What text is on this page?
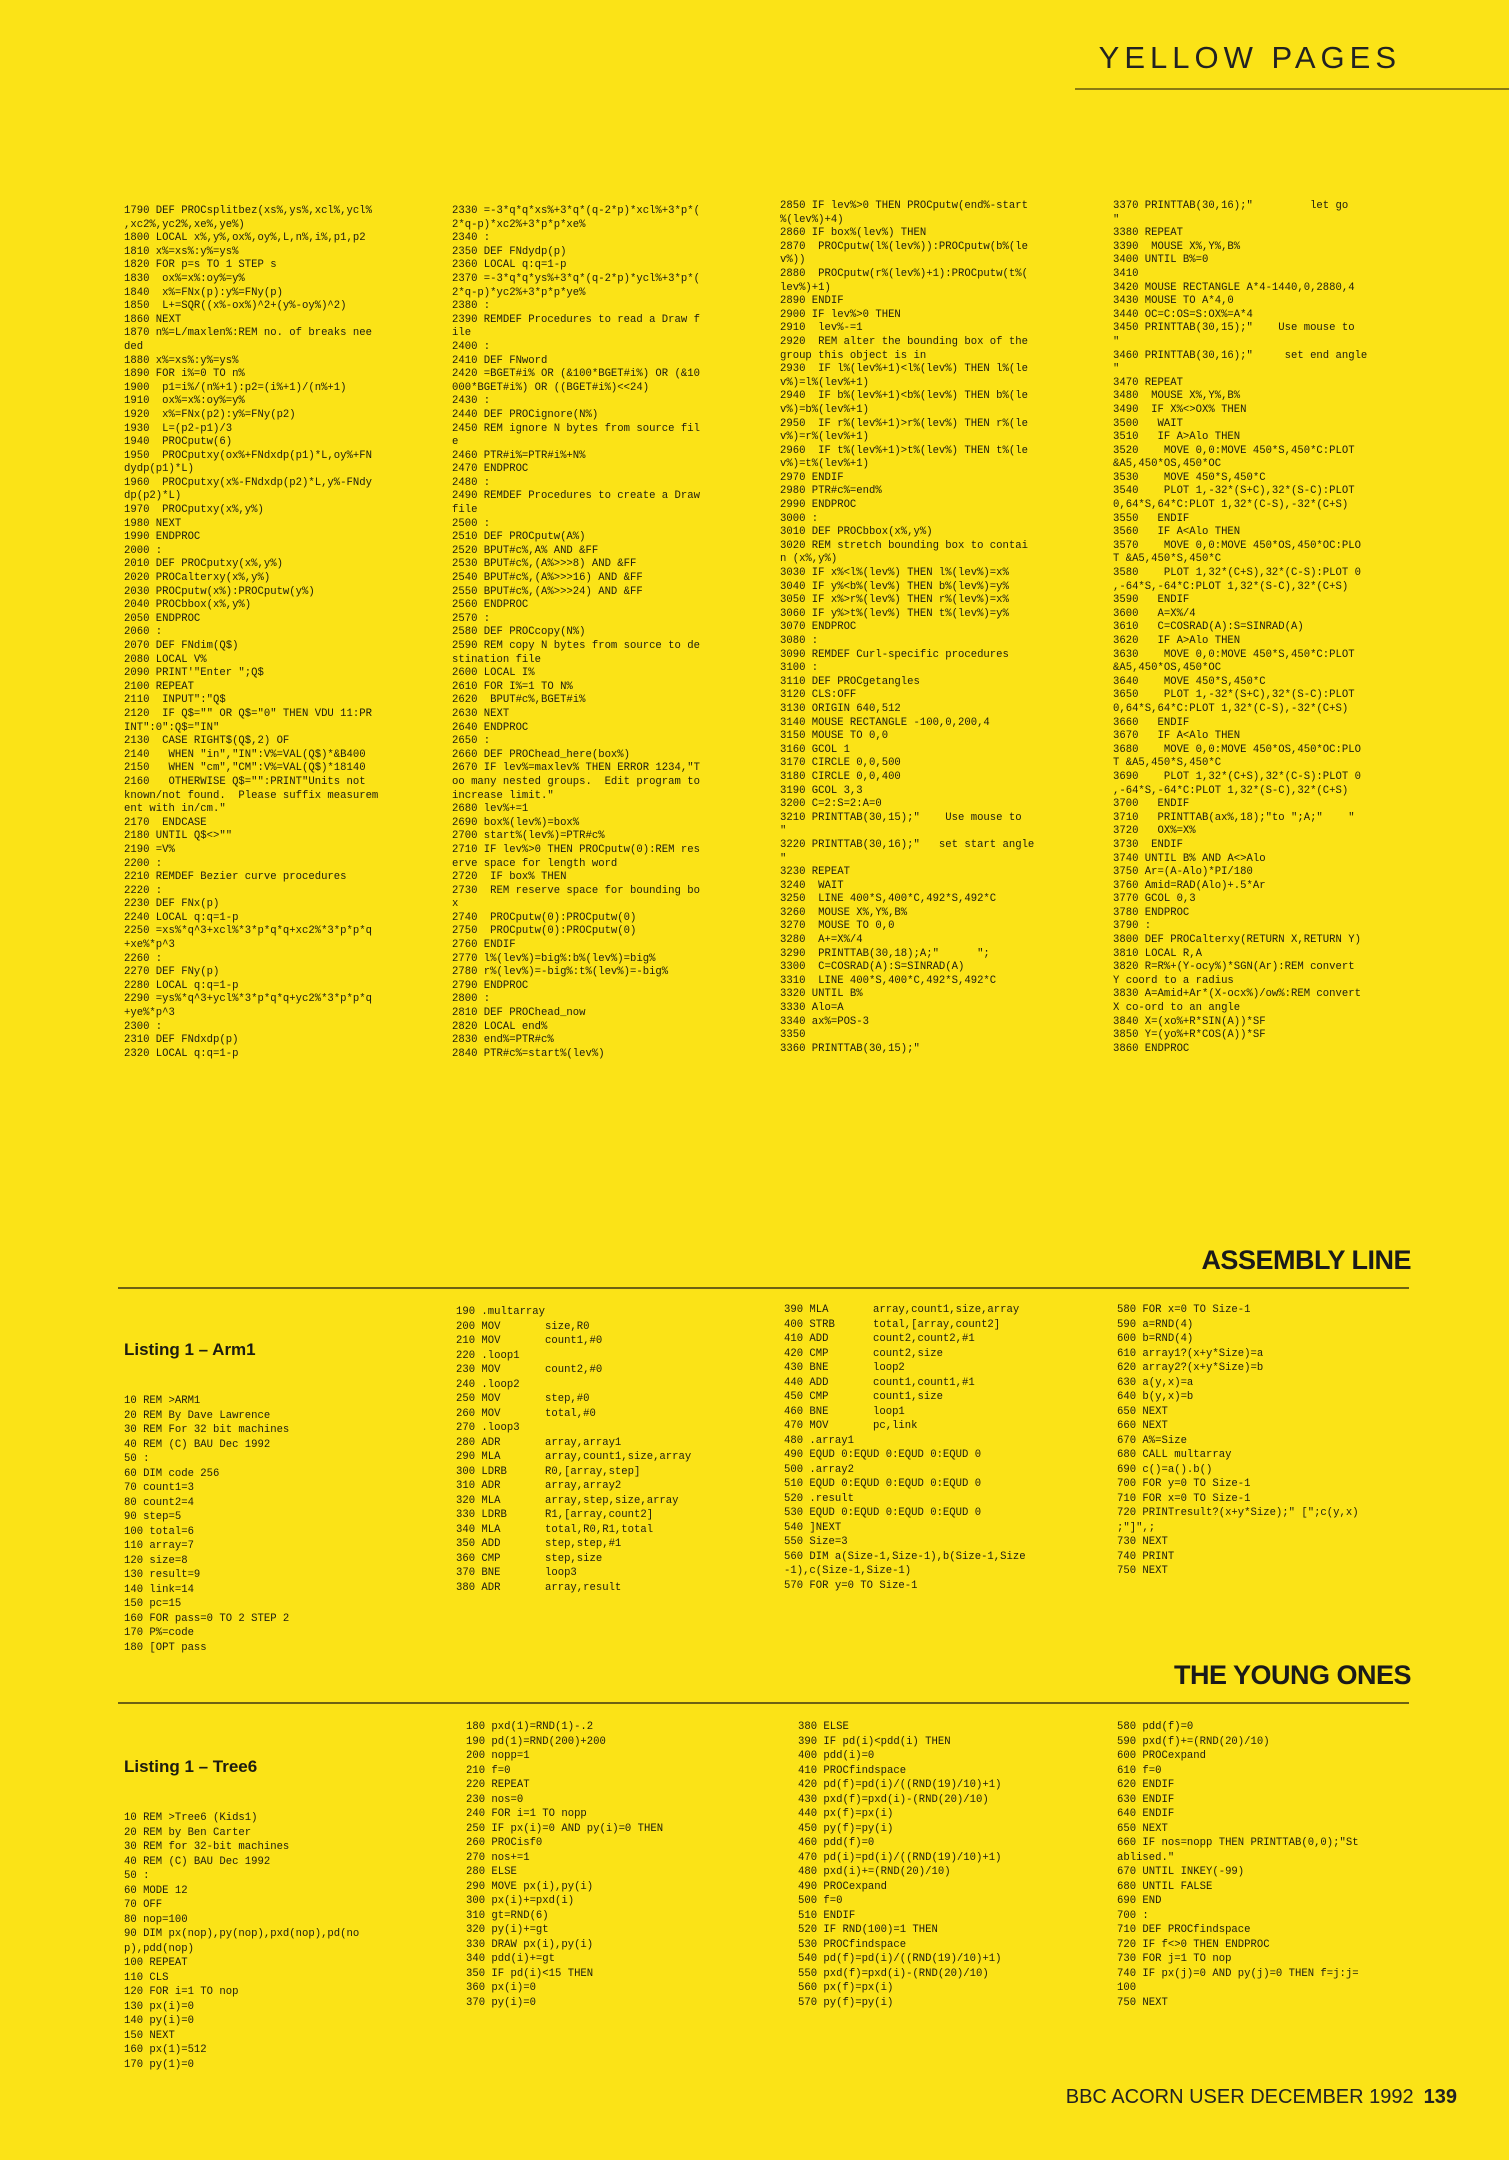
YELLOW PAGES
1790 DEF PROCsplitbez(xs%,ys%,xcl%,ycl%
,xc2%,yc2%,xe%,ye%)
1800 LOCAL x%,y%,ox%,oy%,L,n%,i%,p1,p2
1810 x%=xs%:y%=ys%
1820 FOR p=s TO 1 STEP s
1830  ox%=x%:oy%=y%
1840  x%=FNx(p):y%=FNy(p)
1850  L+=SQR((x%-ox%)^2+(y%-oy%)^2)
1860 NEXT
1870 n%=L/maxlen%:REM no. of breaks nee
ded
1880 x%=xs%:y%=ys%
1890 FOR i%=0 TO n%
1900  p1=i%/(n%+1):p2=(i%+1)/(n%+1)
1910  ox%=x%:oy%=y%
1920  x%=FNx(p2):y%=FNy(p2)
1930  L=(p2-p1)/3
1940  PROCputw(6)
1950  PROCputxy(ox%+FNdxdp(p1)*L,oy%+FN
dydp(p1)*L)
1960  PROCputxy(x%-FNdxdp(p2)*L,y%-FNdy
dp(p2)*L)
1970  PROCputxy(x%,y%)
1980 NEXT
1990 ENDPROC
2000 :
2010 DEF PROCputxy(x%,y%)
2020 PROCalterxy(x%,y%)
2030 PROCputw(x%):PROCputw(y%)
2040 PROCbbox(x%,y%)
2050 ENDPROC
2060 :
2070 DEF FNdim(Q$)
2080 LOCAL V%
2090 PRINT'"Enter ";Q$
2100 REPEAT
2110  INPUT":"Q$
2120  IF Q$="" OR Q$="0" THEN VDU 11:PR
INT":0":Q$="IN"
2130  CASE RIGHT$(Q$,2) OF
2140   WHEN "in","IN":V%=VAL(Q$)*&B400
2150   WHEN "cm","CM":V%=VAL(Q$)*18140
2160   OTHERWISE Q$="":PRINT"Units not
known/not found.  Please suffix measurem
ent with in/cm."
2170  ENDCASE
2180 UNTIL Q$<>""
2190 =V%
2200 :
2210 REMDEF Bezier curve procedures
2220 :
2230 DEF FNx(p)
2240 LOCAL q:q=1-p
2250 =xs%*q^3+xcl%*3*p*q*q+xc2%*3*p*p*q
+xe%*p^3
2260 :
2270 DEF FNy(p)
2280 LOCAL q:q=1-p
2290 =ys%*q^3+ycl%*3*p*q*q+yc2%*3*p*p*q
+ye%*p^3
2300 :
2310 DEF FNdxdp(p)
2320 LOCAL q:q=1-p
2330 =-3*q*q*xs%+3*q*(q-2*p)*xcl%+3*p*(
2*q-p)*xc2%+3*p*p*xe%
2340 :
2350 DEF FNdydp(p)
2360 LOCAL q:q=1-p
2370 =-3*q*q*ys%+3*q*(q-2*p)*ycl%+3*p*(
2*q-p)*yc2%+3*p*p*ye%
2380 :
2390 REMDEF Procedures to read a Draw f
ile
2400 :
2410 DEF FNword
2420 =BGET#i% OR (&100*BGET#i%) OR (&10
000*BGET#i%) OR ((BGET#i%)<<24)
2430 :
2440 DEF PROCignore(N%)
2450 REM ignore N bytes from source fil
e
2460 PTR#i%=PTR#i%+N%
2470 ENDPROC
2480 :
2490 REMDEF Procedures to create a Draw
file
2500 :
2510 DEF PROCputw(A%)
2520 BPUT#c%,A% AND &FF
2530 BPUT#c%,(A%>>>8) AND &FF
2540 BPUT#c%,(A%>>>16) AND &FF
2550 BPUT#c%,(A%>>>24) AND &FF
2560 ENDPROC
2570 :
2580 DEF PROCcopy(N%)
2590 REM copy N bytes from source to de
stination file
2600 LOCAL I%
2610 FOR I%=1 TO N%
2620  BPUT#c%,BGET#i%
2630 NEXT
2640 ENDPROC
2650 :
2660 DEF PROChead_here(box%)
2670 IF lev%=maxlev% THEN ERROR 1234,"T
oo many nested groups.  Edit program to
increase limit."
2680 lev%+=1
2690 box%(lev%)=box%
2700 start%(lev%)=PTR#c%
2710 IF lev%>0 THEN PROCputw(0):REM res
erve space for length word
2720  IF box% THEN
2730  REM reserve space for bounding bo
x
2740  PROCputw(0):PROCputw(0)
2750  PROCputw(0):PROCputw(0)
2760 ENDIF
2770 l%(lev%)=big%:b%(lev%)=big%
2780 r%(lev%)=-big%:t%(lev%)=-big%
2790 ENDPROC
2800 :
2810 DEF PROChead_now
2820 LOCAL end%
2830 end%=PTR#c%
2840 PTR#c%=start%(lev%)
2850 IF lev%>0 THEN PROCputw(end%-start
%(lev%)+4)
2860 IF box%(lev%) THEN
2870  PROCputw(l%(lev%)):PROCputw(b%(le
v%))
2880  PROCputw(r%(lev%)+1):PROCputw(t%(
lev%)+1)
2890 ENDIF
2900 IF lev%>0 THEN
2910  lev%-=1
2920  REM alter the bounding box of the
group this object is in
2930  IF l%(lev%+1)<l%(lev%) THEN l%(le
v%)=l%(lev%+1)
2940  IF b%(lev%+1)<b%(lev%) THEN b%(le
v%)=b%(lev%+1)
2950  IF r%(lev%+1)>r%(lev%) THEN r%(le
v%)=r%(lev%+1)
2960  IF t%(lev%+1)>t%(lev%) THEN t%(le
v%)=t%(lev%+1)
2970 ENDIF
2980 PTR#c%=end%
2990 ENDPROC
3000 :
3010 DEF PROCbbox(x%,y%)
3020 REM stretch bounding box to contai
n (x%,y%)
3030 IF x%<l%(lev%) THEN l%(lev%)=x%
3040 IF y%<b%(lev%) THEN b%(lev%)=y%
3050 IF x%>r%(lev%) THEN r%(lev%)=x%
3060 IF y%>t%(lev%) THEN t%(lev%)=y%
3070 ENDPROC
3080 :
3090 REMDEF Curl-specific procedures
3100 :
3110 DEF PROCgetangles
3120 CLS:OFF
3130 ORIGIN 640,512
3140 MOUSE RECTANGLE -100,0,200,4
3150 MOUSE TO 0,0
3160 GCOL 1
3170 CIRCLE 0,0,500
3180 CIRCLE 0,0,400
3190 GCOL 3,3
3200 C=2:S=2:A=0
3210 PRINTTAB(30,15);"    Use mouse to
"
3220 PRINTTAB(30,16);"   set start angle
"
3230 REPEAT
3240  WAIT
3250  LINE 400*S,400*C,492*S,492*C
3260  MOUSE X%,Y%,B%
3270  MOUSE TO 0,0
3280  A+=X%/4
3290  PRINTTAB(30,18);A;"      ";
3300  C=COSRAD(A):S=SINRAD(A)
3310  LINE 400*S,400*C,492*S,492*C
3320 UNTIL B%
3330 Alo=A
3340 ax%=POS-3
3350
3360 PRINTTAB(30,15);"
3370 PRINTTAB(30,16);"         let go
"
3380 REPEAT
3390  MOUSE X%,Y%,B%
3400 UNTIL B%=0
3410
3420 MOUSE RECTANGLE A*4-1440,0,2880,4
3430 MOUSE TO A*4,0
3440 OC=C:OS=S:OX%=A*4
3450 PRINTTAB(30,15);"    Use mouse to
"
3460 PRINTTAB(30,16);"     set end angle
"
3470 REPEAT
3480  MOUSE X%,Y%,B%
3490  IF X%<>OX% THEN
3500   WAIT
3510   IF A>Alo THEN
3520    MOVE 0,0:MOVE 450*S,450*C:PLOT
&A5,450*OS,450*OC
3530    MOVE 450*S,450*C
3540    PLOT 1,-32*(S+C),32*(S-C):PLOT
0,64*S,64*C:PLOT 1,32*(C-S),-32*(C+S)
3550   ENDIF
3560   IF A<Alo THEN
3570    MOVE 0,0:MOVE 450*OS,450*OC:PLO
T &A5,450*S,450*C
3580    PLOT 1,32*(C+S),32*(C-S):PLOT 0
,-64*S,-64*C:PLOT 1,32*(S-C),32*(C+S)
3590   ENDIF
3600   A=X%/4
3610   C=COSRAD(A):S=SINRAD(A)
3620   IF A>Alo THEN
3630    MOVE 0,0:MOVE 450*S,450*C:PLOT
&A5,450*OS,450*OC
3640    MOVE 450*S,450*C
3650    PLOT 1,-32*(S+C),32*(S-C):PLOT
0,64*S,64*C:PLOT 1,32*(C-S),-32*(C+S)
3660   ENDIF
3670   IF A<Alo THEN
3680    MOVE 0,0:MOVE 450*OS,450*OC:PLO
T &A5,450*S,450*C
3690    PLOT 1,32*(C+S),32*(C-S):PLOT 0
,-64*S,-64*C:PLOT 1,32*(S-C),32*(C+S)
3700   ENDIF
3710   PRINTTAB(ax%,18);"to ";A;"    "
3720   OX%=X%
3730  ENDIF
3740 UNTIL B% AND A<>Alo
3750 Ar=(A-Alo)*PI/180
3760 Amid=RAD(Alo)+.5*Ar
3770 GCOL 0,3
3780 ENDPROC
3790 :
3800 DEF PROCalterxy(RETURN X,RETURN Y)
3810 LOCAL R,A
3820 R=R%+(Y-ocy%)*SGN(Ar):REM convert
Y coord to a radius
3830 A=Amid+Ar*(X-ocx%)/ow%:REM convert
X co-ord to an angle
3840 X=(xo%+R*SIN(A))*SF
3850 Y=(yo%+R*COS(A))*SF
3860 ENDPROC
ASSEMBLY LINE

Listing 1 – Arm1

10 REM >ARM1
20 REM By Dave Lawrence
30 REM For 32 bit machines
40 REM (C) BAU Dec 1992
50 :
60 DIM code 256
70 count1=3
80 count2=4
90 step=5
100 total=6
110 array=7
120 size=8
130 result=9
140 link=14
150 pc=15
160 FOR pass=0 TO 2 STEP 2
170 P%=code
180 [OPT pass

190 .multarray
200 MOV       size,R0
210 MOV       count1,#0
220 .loop1
230 MOV       count2,#0
240 .loop2
250 MOV       step,#0
260 MOV       total,#0
270 .loop3
280 ADR       array,array1
290 MLA       array,count1,size,array
300 LDRB      R0,[array,step]
310 ADR       array,array2
320 MLA       array,step,size,array
330 LDRB      R1,[array,count2]
340 MLA       total,R0,R1,total
350 ADD       step,step,#1
360 CMP       step,size
370 BNE       loop3
380 ADR       array,result
390 MLA       array,count1,size,array
400 STRB      total,[array,count2]
410 ADD       count2,count2,#1
420 CMP       count2,size
430 BNE       loop2
440 ADD       count1,count1,#1
450 CMP       count1,size
460 BNE       loop1
470 MOV       pc,link
480 .array1
490 EQUD 0:EQUD 0:EQUD 0:EQUD 0
500 .array2
510 EQUD 0:EQUD 0:EQUD 0:EQUD 0
520 .result
530 EQUD 0:EQUD 0:EQUD 0:EQUD 0
540 ]NEXT
550 Size=3
560 DIM a(Size-1,Size-1),b(Size-1,Size
-1),c(Size-1,Size-1)
570 FOR y=0 TO Size-1
580 FOR x=0 TO Size-1
590 a=RND(4)
600 b=RND(4)
610 array1?(x+y*Size)=a
620 array2?(x+y*Size)=b
630 a(y,x)=a
640 b(y,x)=b
650 NEXT
660 NEXT
670 A%=Size
680 CALL multarray
690 c()=a().b()
700 FOR y=0 TO Size-1
710 FOR x=0 TO Size-1
720 PRINTresult?(x+y*Size);" [";c(y,x)
;"]",;
730 NEXT
740 PRINT
750 NEXT
THE YOUNG ONES

Listing 1 – Tree6

10 REM >Tree6 (Kids1)
20 REM by Ben Carter
30 REM for 32-bit machines
40 REM (C) BAU Dec 1992
50 :
60 MODE 12
70 OFF
80 nop=100
90 DIM px(nop),py(nop),pxd(nop),pd(no
p),pdd(nop)
100 REPEAT
110 CLS
120 FOR i=1 TO nop
130 px(i)=0
140 py(i)=0
150 NEXT
160 px(1)=512
170 py(1)=0

180 pxd(1)=RND(1)-.2
190 pd(1)=RND(200)+200
200 nopp=1
210 f=0
220 REPEAT
230 nos=0
240 FOR i=1 TO nopp
250 IF px(i)=0 AND py(i)=0 THEN
260 PROCisf0
270 nos+=1
280 ELSE
290 MOVE px(i),py(i)
300 px(i)+=pxd(i)
310 gt=RND(6)
320 py(i)+=gt
330 DRAW px(i),py(i)
340 pdd(i)+=gt
350 IF pd(i)<15 THEN
360 px(i)=0
370 py(i)=0
380 ELSE
390 IF pd(i)<pdd(i) THEN
400 pdd(i)=0
410 PROCfindspace
420 pd(f)=pd(i)/((RND(19)/10)+1)
430 pxd(f)=pxd(i)-(RND(20)/10)
440 px(f)=px(i)
450 py(f)=py(i)
460 pdd(f)=0
470 pd(i)=pd(i)/((RND(19)/10)+1)
480 pxd(i)+=(RND(20)/10)
490 PROCexpand
500 f=0
510 ENDIF
520 IF RND(100)=1 THEN
530 PROCfindspace
540 pd(f)=pd(i)/((RND(19)/10)+1)
550 pxd(f)=pxd(i)-(RND(20)/10)
560 px(f)=px(i)
570 py(f)=py(i)
580 pdd(f)=0
590 pxd(f)+=(RND(20)/10)
600 PROCexpand
610 f=0
620 ENDIF
630 ENDIF
640 ENDIF
650 NEXT
660 IF nos=nopp THEN PRINTTAB(0,0);"St
ablised."
670 UNTIL INKEY(-99)
680 UNTIL FALSE
690 END
700 :
710 DEF PROCfindspace
720 IF f<>0 THEN ENDPROC
730 FOR j=1 TO nop
740 IF px(j)=0 AND py(j)=0 THEN f=j:j=
100
750 NEXT
BBC ACORN USER DECEMBER 1992 139
